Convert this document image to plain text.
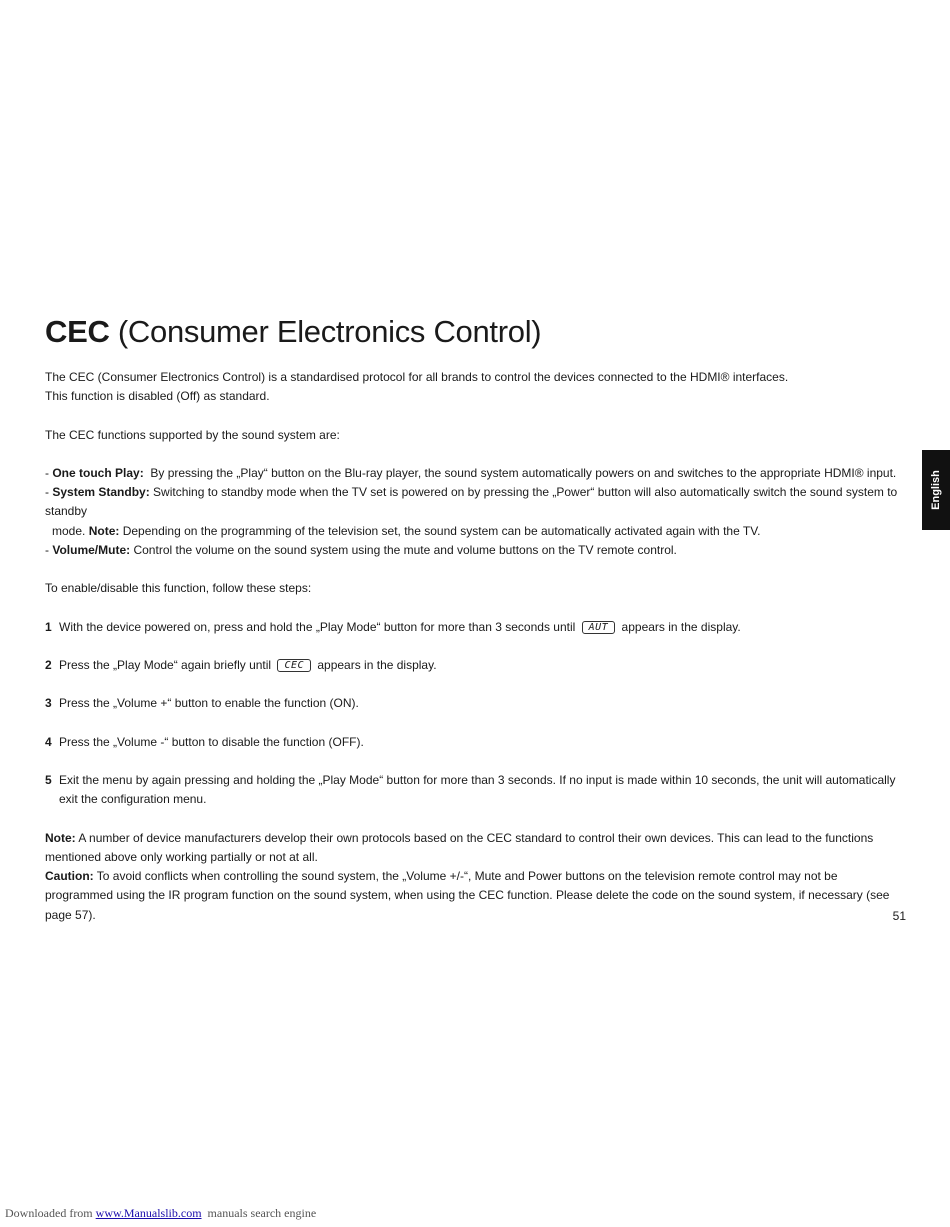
CEC (Consumer Electronics Control)

The CEC (Consumer Electronics Control) is a standardised protocol for all brands to control the devices connected to the HDMI® interfaces.

This function is disabled (Off) as standard.

The CEC functions supported by the sound system are:

- One touch Play: By pressing the „Play“ button on the Blu-ray player, the sound system automatically powers on and switches to the appropriate HDMI® input.

- System Standby: Switching to standby mode when the TV set is powered on by pressing the „Power“ button will also automatically switch the sound system to standby

mode. Note: Depending on the programming of the television set, the sound system can be automatically activated again with the TV.

- Volume/Mute: Control the volume on the sound system using the mute and volume buttons on the TV remote control.

To enable/disable this function, follow these steps:

1 With the device powered on, press and hold the „Play Mode“ button for more than 3 seconds until AUT appears in the display.

2 Press the „Play Mode“ again briefly until CEC appears in the display.

3 Press the „Volume +“ button to enable the function (ON).

4 Press the „Volume -“ button to disable the function (OFF).

5 Exit the menu by again pressing and holding the „Play Mode“ button for more than 3 seconds. If no input is made within 10 seconds, the unit will automatically exit the configuration menu.

Note: A number of device manufacturers develop their own protocols based on the CEC standard to control their own devices. This can lead to the functions mentioned above only working partially or not at all.

Caution: To avoid conflicts when controlling the sound system, the „Volume +/-“, Mute and Power buttons on the television remote control may not be programmed using the IR program function on the sound system, when using the CEC function. Please delete the code on the sound system, if necessary (see page 57).	51
English
Downloaded from www.Manualslib.com manuals search engine
